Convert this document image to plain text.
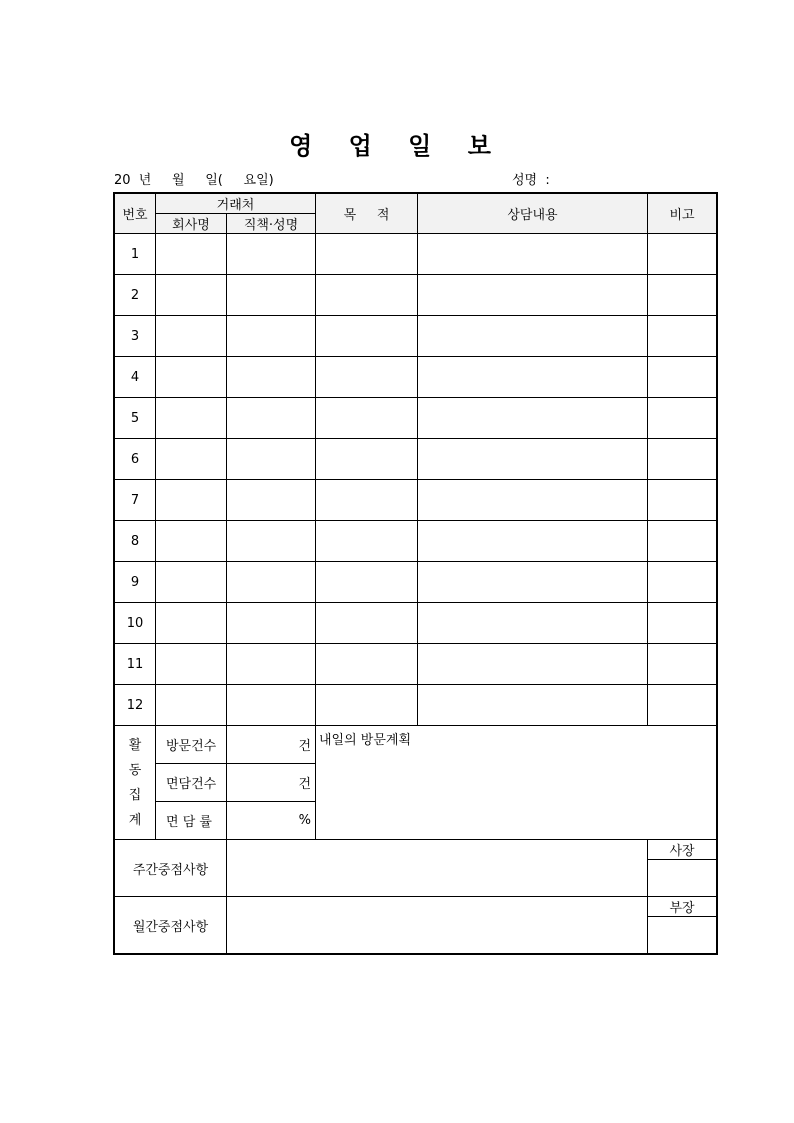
영 업 일 보
20  년     월     일(     요일)	성명  :
번호	거래처		목     적	상담내용	비고
	회사명	직책·성명			
1					
2					
3					
4					
5					
6					
7					
8					
9					
10					
11					
12					

활
동
집
계	방문건수	건	내일의 방문계획		
	면담건수	건			
	면 담 률	%			
주간중점사항					사장

월간중점사항					부장
